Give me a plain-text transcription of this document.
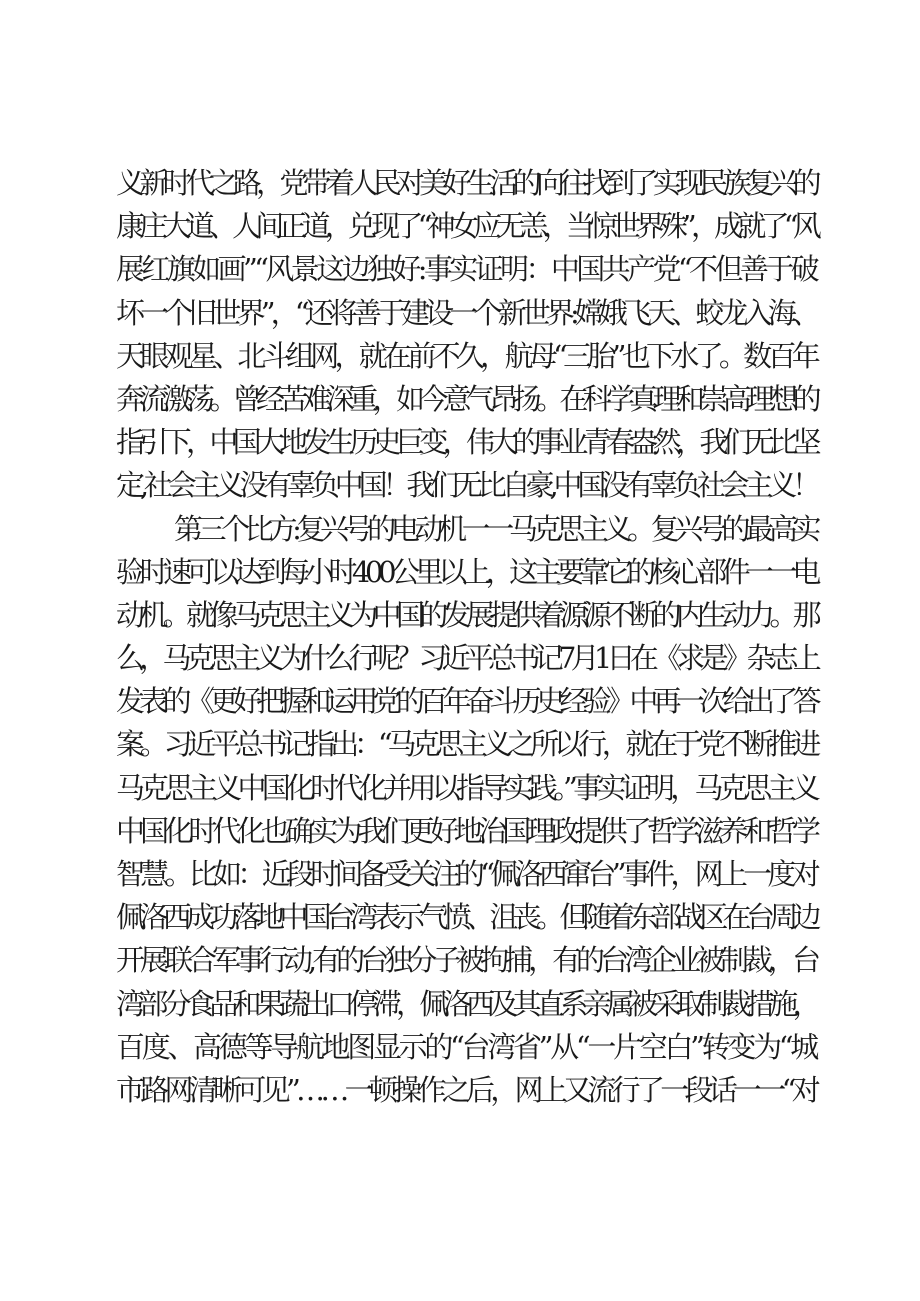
义新时代之路，党带着人民对美好生活的向往找到了实现民族复兴的
康庄大道、人间正道，兑现了“神女应无恙，当惊世界殊”，成就了“风
展红旗如画”“风景这边独好:事实证明：中国共产党“不但善于破
坏一个旧世界”，“还将善于建设一个新世界:嫦娥飞天、蛟龙入海、
天眼观星、北斗组网，就在前不久，航母“三胎”也下水了。数百年
奔流激荡。曾经苦难深重，如今意气昂扬。在科学真理和崇高理想的
指引下，中国大地发生历史巨变，伟大的事业青春盎然，我们无比坚
定,社会主义没有辜负中国！我们无比自豪,中国没有辜负社会主义！
第三个比方:复兴号的电动机一一马克思主义。复兴号的最高实
验时速可以达到每小时400公里以上，这主要靠它的核心部件一一电
动机。就像马克思主义为中国的发展提供着源源不断的内生动力。那
么，马克思主义为什么行呢？习近平总书记7月1日在《求是》杂志上
发表的《更好把握和运用党的百年奋斗历史经验》中再一次给出了答
案。习近平总书记指出：“马克思主义之所以行，就在于党不断推进
马克思主义中国化时代化并用以指导实践。”事实证明，马克思主义
中国化时代化也确实为我们更好地治国理政提供了哲学滋养和哲学
智慧。比如：近段时间备受关注的“佩洛西窜台”事件，网上一度对
佩洛西成功落地中国台湾表示气愤、沮丧。但随着东部战区在台周边
开展联合军事行动,有的台独分子被拘捕，有的台湾企业被制裁，台
湾部分食品和果蔬出口停滞，佩洛西及其直系亲属被采取制裁措施，
百度、高德等导航地图显示的“台湾省”从“一片空白”转变为“城
市路网清晰可见”……一顿操作之后，网上又流行了一段话一一“对
